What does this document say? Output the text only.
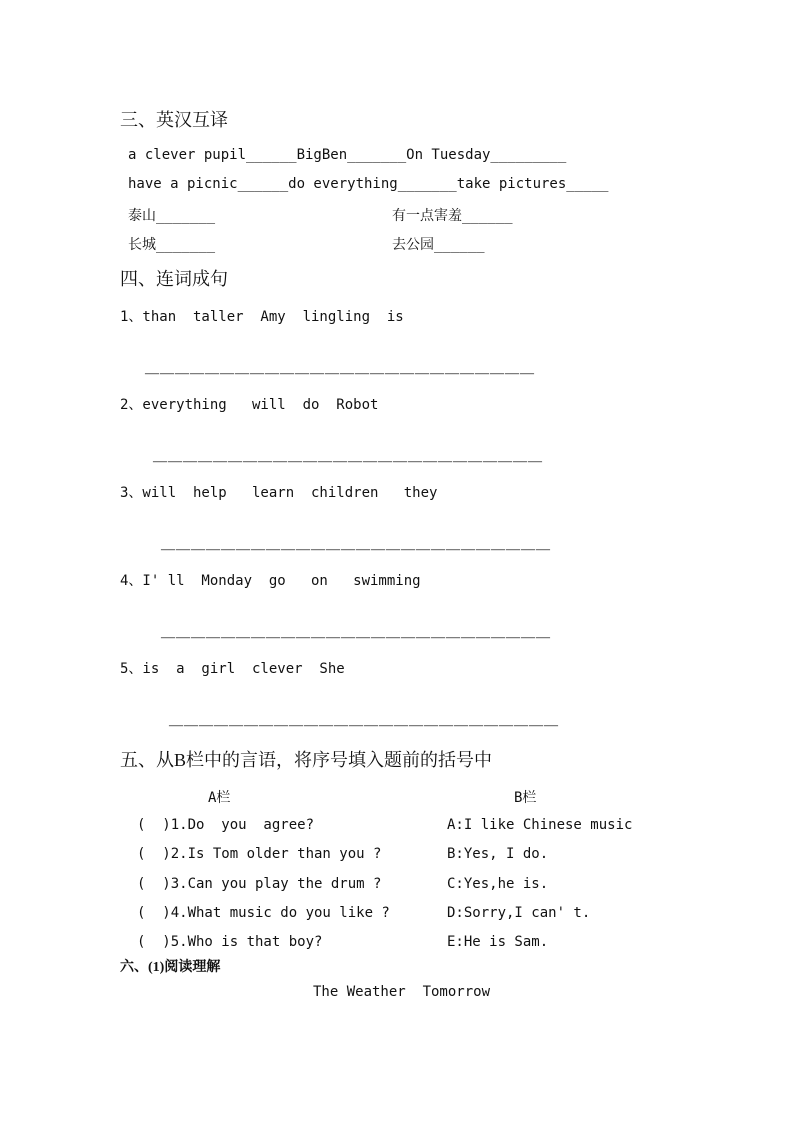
三、英汉互译
a clever pupil______BigBen_______On Tuesday_________
have a picnic______do everything_______take pictures_____
泰山_______	有一点害羞______
长城_______	去公园______
四、连词成句
1、than  taller  Amy  lingling  is
——————————————————————————
2、everything   will  do  Robot
——————————————————————————
3、will  help   learn  children   they
——————————————————————————
4、I' ll  Monday  go   on   swimming
——————————————————————————
5、is  a  girl  clever  She
——————————————————————————
五、从B栏中的言语，将序号填入题前的括号中
A栏	B栏
(  )1.Do  you  agree?	A:I like Chinese music
(  )2.Is Tom older than you ?	B:Yes, I do.
(  )3.Can you play the drum ?	C:Yes,he is.
(  )4.What music do you like ?	D:Sorry,I can' t.
(  )5.Who is that boy?	E:He is Sam.
六、(1)阅读理解
The Weather  Tomorrow
